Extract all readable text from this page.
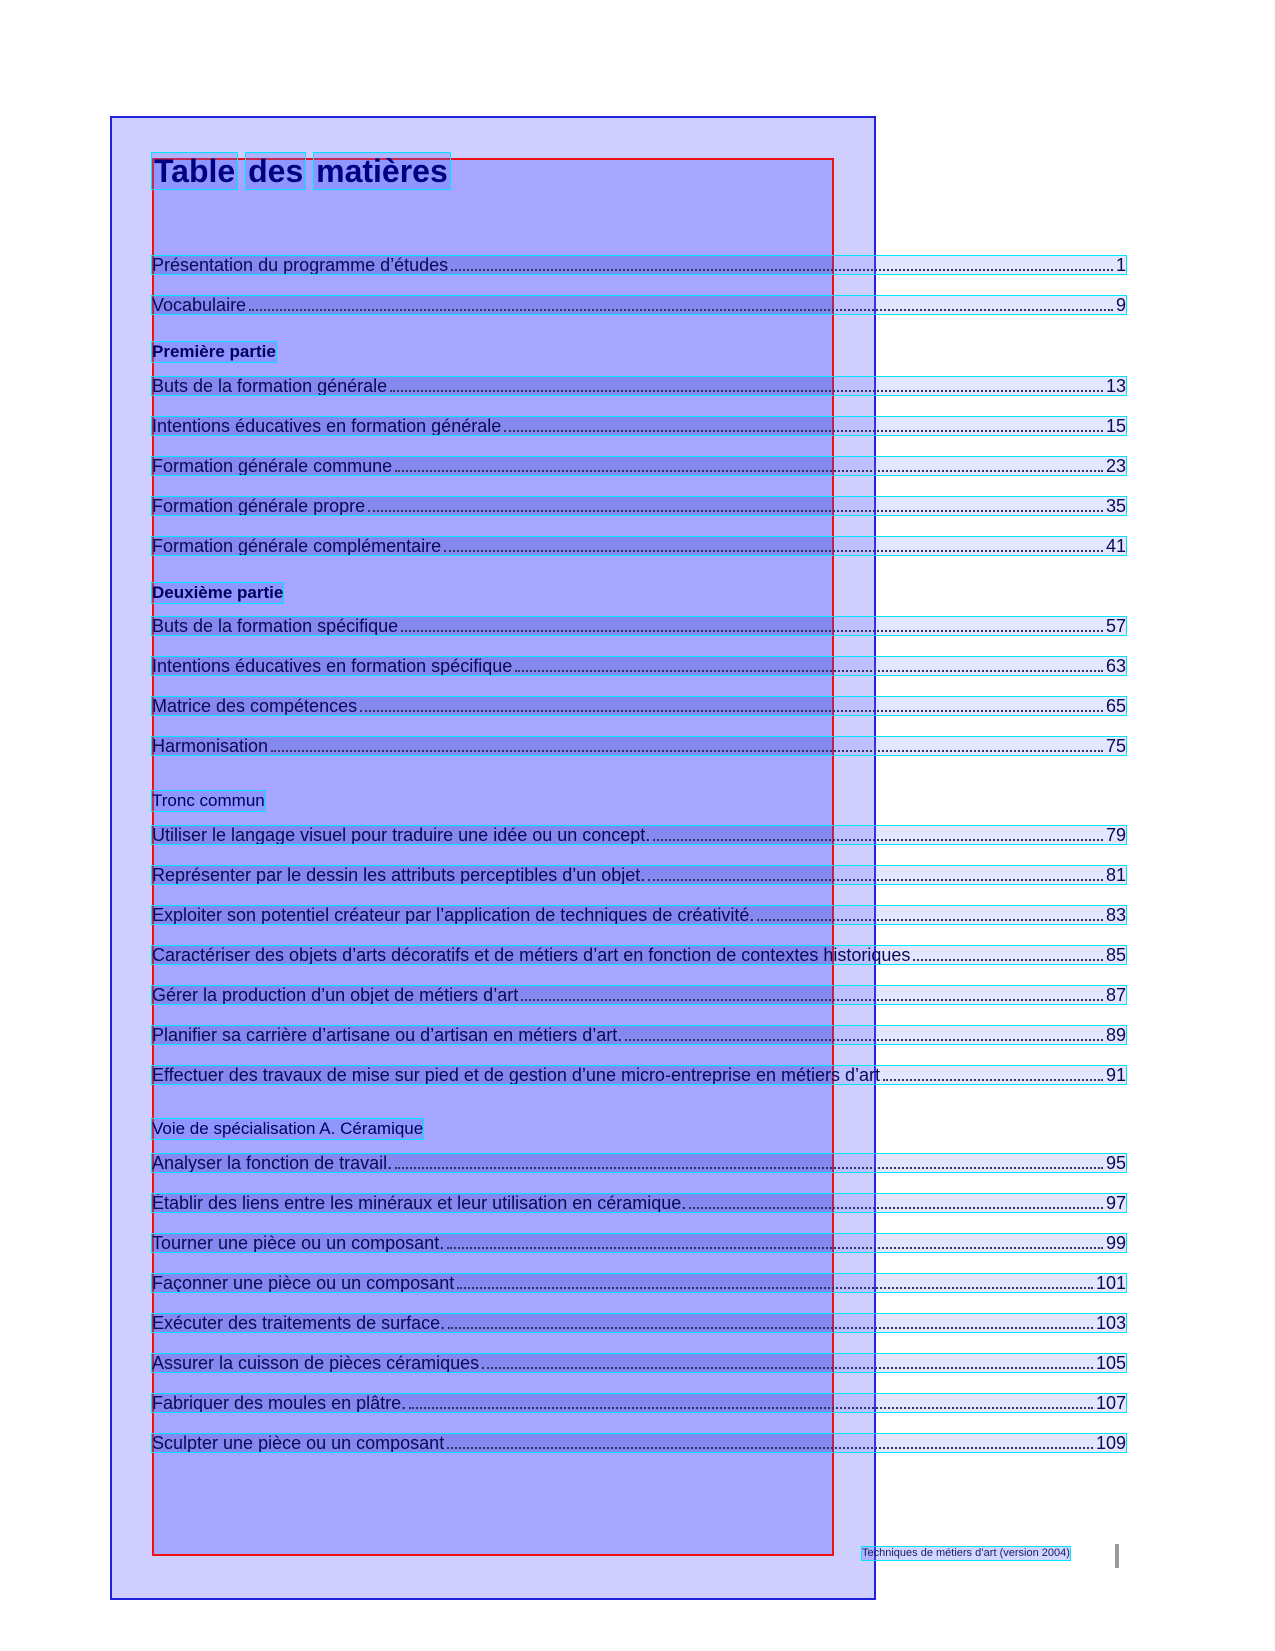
Table des matières
Présentation du programme d’études	1
Vocabulaire	9
Première partie
Buts de la formation générale	13
Intentions éducatives en formation générale	15
Formation générale commune	23
Formation générale propre	35
Formation générale complémentaire	41
Deuxième partie
Buts de la formation spécifique	57
Intentions éducatives en formation spécifique	63
Matrice des compétences	65
Harmonisation	75
Tronc commun
Utiliser le langage visuel pour traduire une idée ou un concept.	79
Représenter par le dessin les attributs perceptibles d’un objet.	81
Exploiter son potentiel créateur par l’application de techniques de créativité.	83
Caractériser des objets d’arts décoratifs et de métiers d’art en fonction de contextes historiques	85
Gérer la production d’un objet de métiers d’art	87
Planifier sa carrière d’artisane ou d’artisan en métiers d’art.	89
Effectuer des travaux de mise sur pied et de gestion d’une micro-entreprise en métiers d’art	91
Voie de spécialisation A. Céramique
Analyser la fonction de travail.	95
Établir des liens entre les minéraux et leur utilisation en céramique.	97
Tourner une pièce ou un composant.	99
Façonner une pièce ou un composant	101
Exécuter des traitements de surface.	103
Assurer la cuisson de pièces céramiques	105
Fabriquer des moules en plâtre.	107
Sculpter une pièce ou un composant	109
Techniques de métiers d’art (version 2004)
